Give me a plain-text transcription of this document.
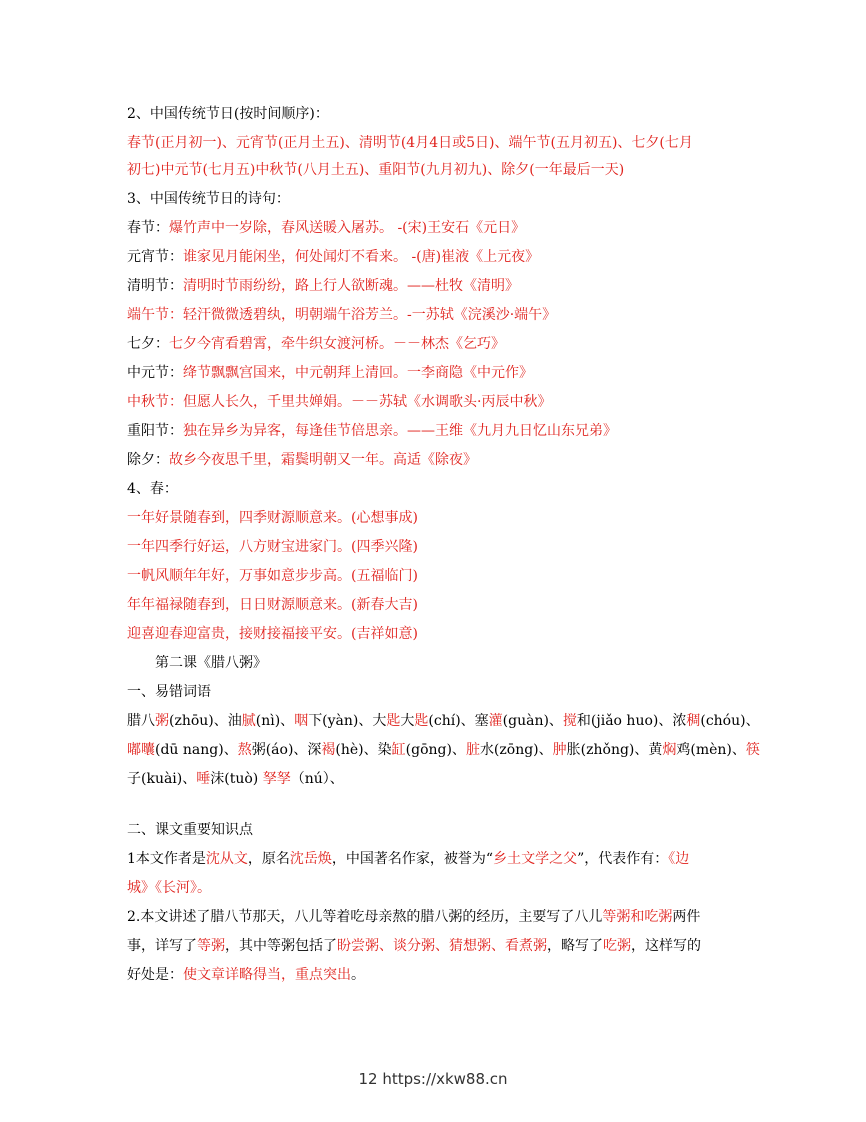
2、中国传统节日(按时间顺序)：
春节(正月初一)、元宵节(正月土五)、清明节(4月4日或5日)、端午节(五月初五)、七夕(七月
初七)中元节(七月五)中秋节(八月土五)、重阳节(九月初九)、除夕(一年最后一天)
3、中国传统节日的诗句：
春节：爆竹声中一岁除，春风送暖入屠苏。 -(宋)王安石《元日》
元宵节：谁家见月能闲坐，何处闻灯不看来。 -(唐)崔液《上元夜》
清明节：清明时节雨纷纷，路上行人欲断魂。——杜牧《清明》
端午节：轻汗微微透碧纨，明朝端午浴芳兰。-一苏轼《浣溪沙·端午》
七夕：七夕今宵看碧霄，牵牛织女渡河桥。－－林杰《乞巧》
中元节：绛节飘飘宫国来，中元朝拜上清回。一李商隐《中元作》
中秋节：但愿人长久，千里共婵娟。－－苏轼《水调歌头·丙辰中秋》
重阳节：独在异乡为异客，每逢佳节倍思亲。——王维《九月九日忆山东兄弟》
除夕：故乡今夜思千里，霜鬓明朝又一年。高适《除夜》
4、春：
一年好景随春到，四季财源顺意来。(心想事成)
一年四季行好运，八方财宝进家门。(四季兴隆)
一帆风顺年年好，万事如意步步高。(五福临门)
年年福禄随春到，日日财源顺意来。(新春大吉)
迎喜迎春迎富贵，接财接福接平安。(吉祥如意)
　　第二课《腊八粥》
一、易错词语
腊八粥(zhōu)、油腻(nì)、咽下(yàn)、大匙大匙(chí)、塞灌(guàn)、搅和(jiǎo huo)、浓稠(chóu)、
嘟囔(dū nang)、熬粥(áo)、深褐(hè)、染缸(gōng)、脏水(zōng)、肿胀(zhǒng)、黄焖鸡(mèn)、筷
子(kuài)、唾沫(tuò) 孥孥（nú）、
二、课文重要知识点
1本文作者是沈从文，原名沈岳焕，中国著名作家，被誉为“乡土文学之父”，代表作有：《边
城》《长河》。
2.本文讲述了腊八节那天，八儿等着吃母亲熬的腊八粥的经历，主要写了八儿等粥和吃粥两件
事，详写了等粥，其中等粥包括了盼尝粥、谈分粥、猜想粥、看煮粥，略写了吃粥，这样写的
好处是：使文章详略得当，重点突出。
12 https://xkw88.cn
